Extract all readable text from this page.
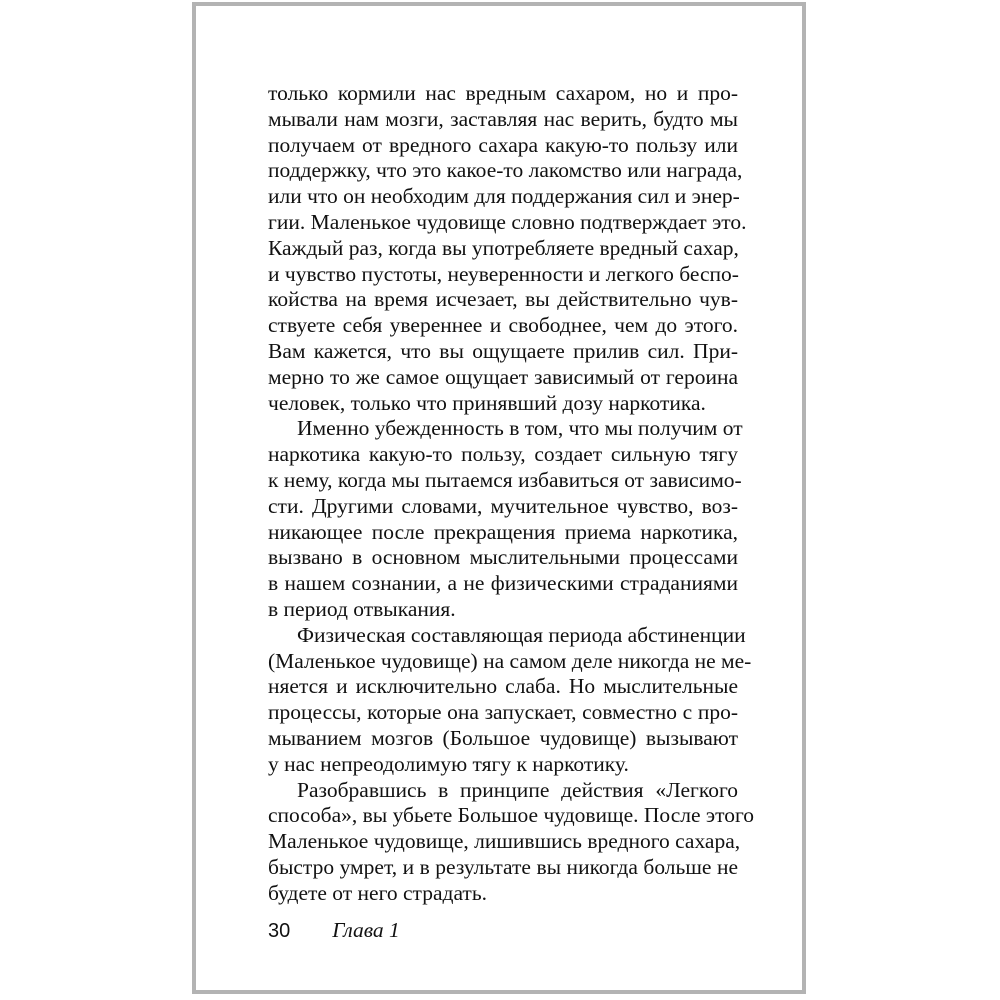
только кормили нас вредным сахаром, но и про-
мывали нам мозги, заставляя нас верить, будто мы
получаем от вредного сахара какую-то пользу или
поддержку, что это какое-то лакомство или награда,
или что он необходим для поддержания сил и энер-
гии. Маленькое чудовище словно подтверждает это.
Каждый раз, когда вы употребляете вредный сахар,
и чувство пустоты, неуверенности и легкого беспо-
койства на время исчезает, вы действительно чув-
ствуете себя увереннее и свободнее, чем до этого.
Вам кажется, что вы ощущаете прилив сил. При-
мерно то же самое ощущает зависимый от героина
человек, только что принявший дозу наркотика.
Именно убежденность в том, что мы получим от
наркотика какую-то пользу, создает сильную тягу
к нему, когда мы пытаемся избавиться от зависимо-
сти. Другими словами, мучительное чувство, воз-
никающее после прекращения приема наркотика,
вызвано в основном мыслительными процессами
в нашем сознании, а не физическими страданиями
в период отвыкания.
Физическая составляющая периода абстиненции
(Маленькое чудовище) на самом деле никогда не ме-
няется и исключительно слаба. Но мыслительные
процессы, которые она запускает, совместно с про-
мыванием мозгов (Большое чудовище) вызывают
у нас непреодолимую тягу к наркотику.
Разобравшись в принципе действия «Легкого
способа», вы убьете Большое чудовище. После этого
Маленькое чудовище, лишившись вредного сахара,
быстро умрет, и в результате вы никогда больше не
будете от него страдать.
30 Глава 1
